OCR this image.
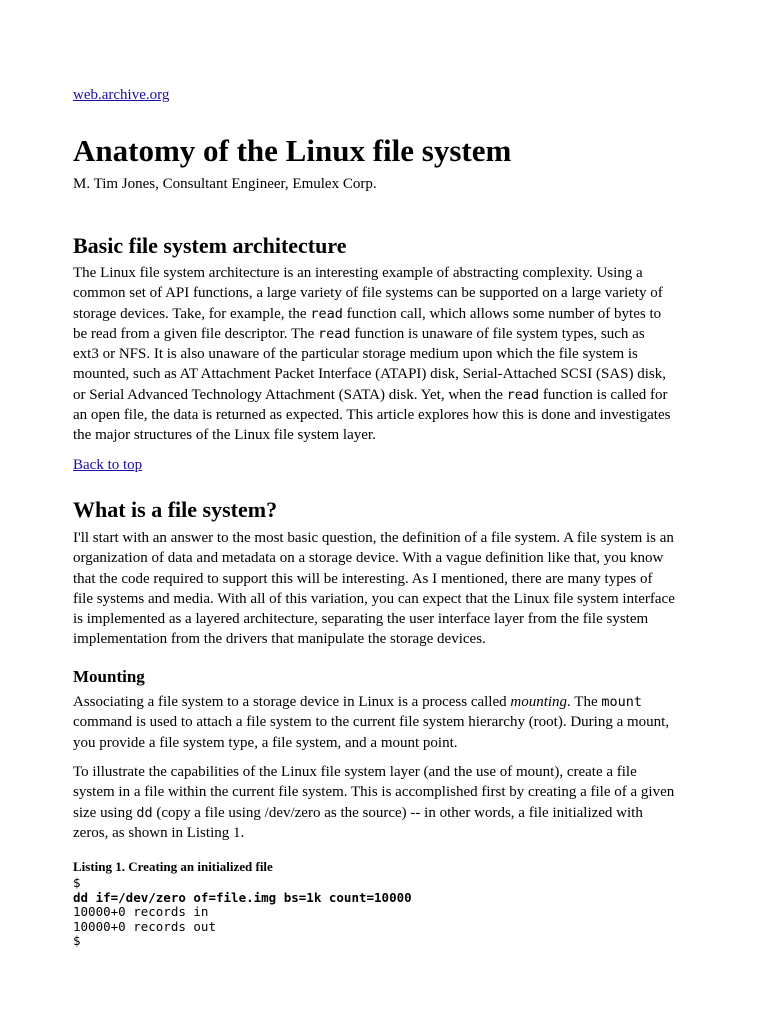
web.archive.org
Anatomy of the Linux file system
M. Tim Jones, Consultant Engineer, Emulex Corp.
Basic file system architecture
The Linux file system architecture is an interesting example of abstracting complexity. Using a
common set of API functions, a large variety of file systems can be supported on a large variety of
storage devices. Take, for example, the read function call, which allows some number of bytes to
be read from a given file descriptor. The read function is unaware of file system types, such as
ext3 or NFS. It is also unaware of the particular storage medium upon which the file system is
mounted, such as AT Attachment Packet Interface (ATAPI) disk, Serial-Attached SCSI (SAS) disk,
or Serial Advanced Technology Attachment (SATA) disk. Yet, when the read function is called for
an open file, the data is returned as expected. This article explores how this is done and investigates
the major structures of the Linux file system layer.
Back to top
What is a file system?
I'll start with an answer to the most basic question, the definition of a file system. A file system is an
organization of data and metadata on a storage device. With a vague definition like that, you know
that the code required to support this will be interesting. As I mentioned, there are many types of
file systems and media. With all of this variation, you can expect that the Linux file system interface
is implemented as a layered architecture, separating the user interface layer from the file system
implementation from the drivers that manipulate the storage devices.
Mounting
Associating a file system to a storage device in Linux is a process called mounting. The mount
command is used to attach a file system to the current file system hierarchy (root). During a mount,
you provide a file system type, a file system, and a mount point.
To illustrate the capabilities of the Linux file system layer (and the use of mount), create a file
system in a file within the current file system. This is accomplished first by creating a file of a given
size using dd (copy a file using /dev/zero as the source) -- in other words, a file initialized with
zeros, as shown in Listing 1.
Listing 1. Creating an initialized file
$
dd if=/dev/zero of=file.img bs=1k count=10000
10000+0 records in
10000+0 records out
$
